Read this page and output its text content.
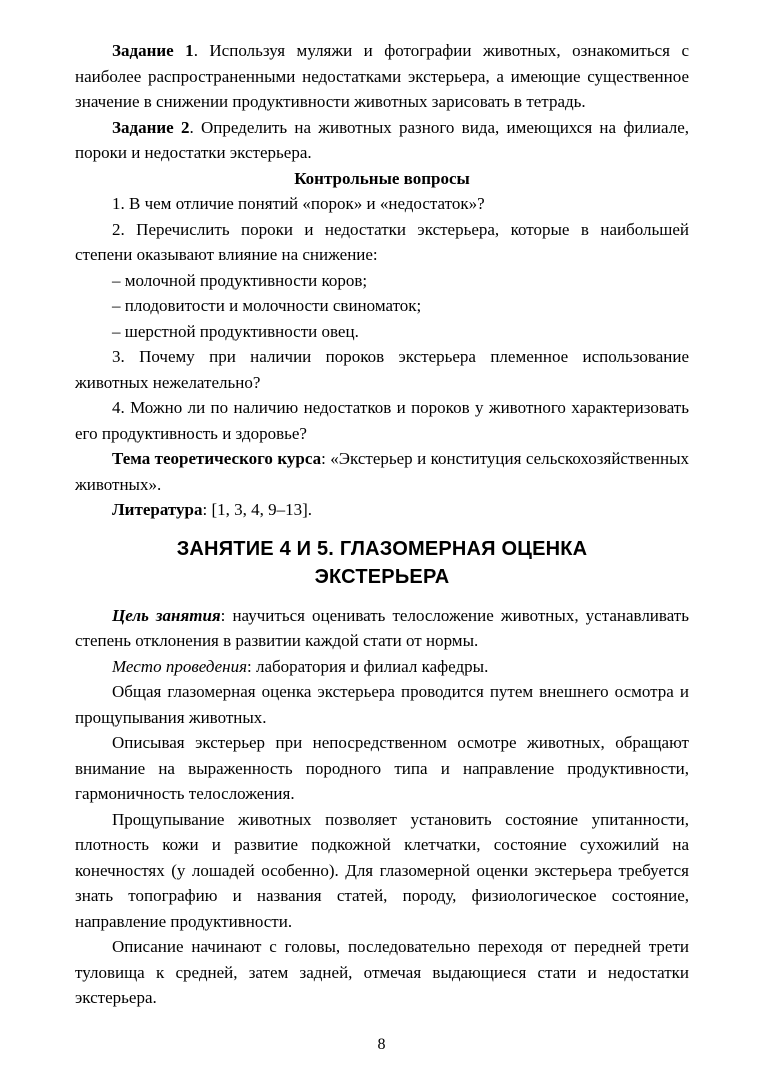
Задание 1. Используя муляжи и фотографии животных, ознакомиться с наиболее распространенными недостатками экстерьера, а имеющие существенное значение в снижении продуктивности животных зарисовать в тетрадь.

Задание 2. Определить на животных разного вида, имеющихся на филиале, пороки и недостатки экстерьера.

Контрольные вопросы

1. В чем отличие понятий «порок» и «недостаток»?

2. Перечислить пороки и недостатки экстерьера, которые в наибольшей степени оказывают влияние на снижение:

– молочной продуктивности коров;

– плодовитости и молочности свиноматок;

– шерстной продуктивности овец.

3. Почему при наличии пороков экстерьера племенное использование животных нежелательно?

4. Можно ли по наличию недостатков и пороков у животного характеризовать его продуктивность и здоровье?

Тема теоретического курса: «Экстерьер и конституция сельскохозяйственных животных».

Литература: [1, 3, 4, 9–13].

ЗАНЯТИЕ 4 И 5. ГЛАЗОМЕРНАЯ ОЦЕНКА
ЭКСТЕРЬЕРА

Цель занятия: научиться оценивать телосложение животных, устанавливать степень отклонения в развитии каждой стати от нормы.

Место проведения: лаборатория и филиал кафедры.

Общая глазомерная оценка экстерьера проводится путем внешнего осмотра и прощупывания животных.

Описывая экстерьер при непосредственном осмотре животных, обращают внимание на выраженность породного типа и направление продуктивности, гармоничность телосложения.

Прощупывание животных позволяет установить состояние упитанности, плотность кожи и развитие подкожной клетчатки, состояние сухожилий на конечностях (у лошадей особенно). Для глазомерной оценки экстерьера требуется знать топографию и названия статей, породу, физиологическое состояние, направление продуктивности.

Описание начинают с головы, последовательно переходя от передней трети туловища к средней, затем задней, отмечая выдающиеся стати и недостатки экстерьера.

8
